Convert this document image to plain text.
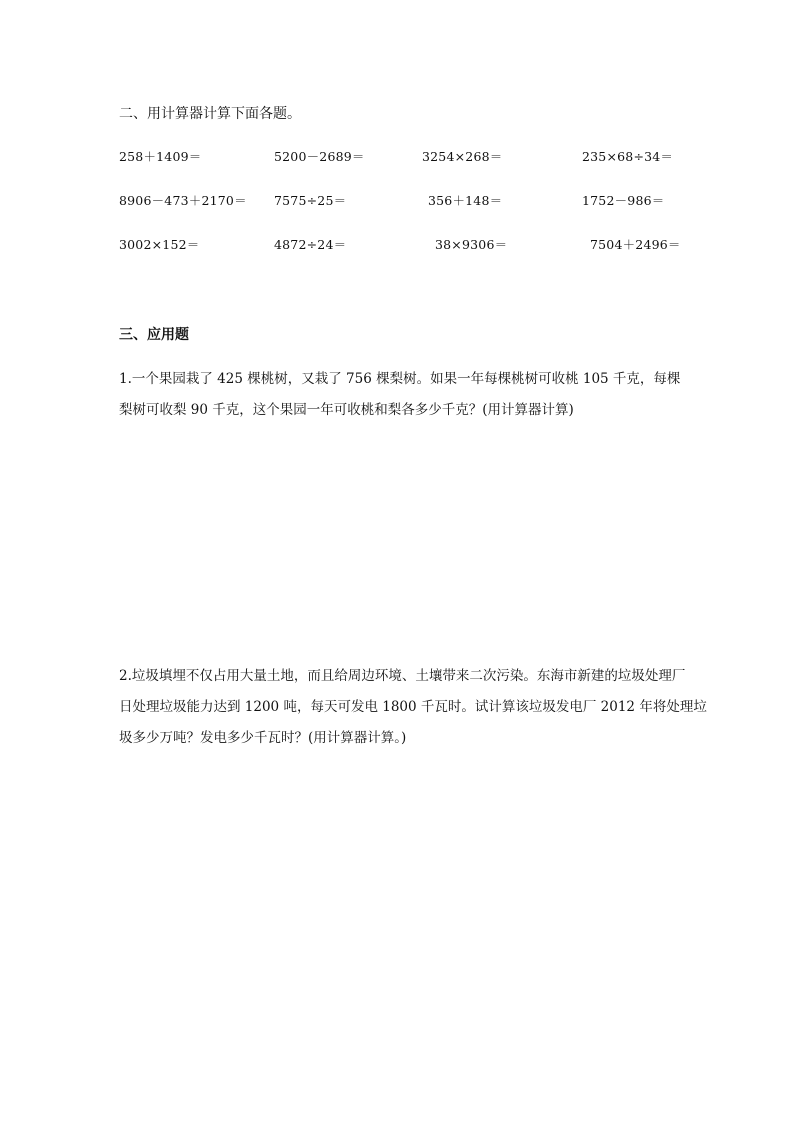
二、用计算器计算下面各题。
258＋1409＝	5200－2689＝	3254×268＝	235×68÷34＝
8906－473＋2170＝ 7575÷25＝	356＋148＝	1752－986＝
3002×152＝	4872÷24＝	38×9306＝	7504＋2496＝
三、应用题

1.一个果园栽了 425 棵桃树，又栽了 756 棵梨树。如果一年每棵桃树可收桃 105 千克，每棵

梨树可收梨 90 千克，这个果园一年可收桃和梨各多少千克？(用计算器计算)

2.垃圾填埋不仅占用大量土地，而且给周边环境、土壤带来二次污染。东海市新建的垃圾处理厂

日处理垃圾能力达到 1200 吨，每天可发电 1800 千瓦时。试计算该垃圾发电厂 2012 年将处理垃

圾多少万吨？发电多少千瓦时？(用计算器计算。)
